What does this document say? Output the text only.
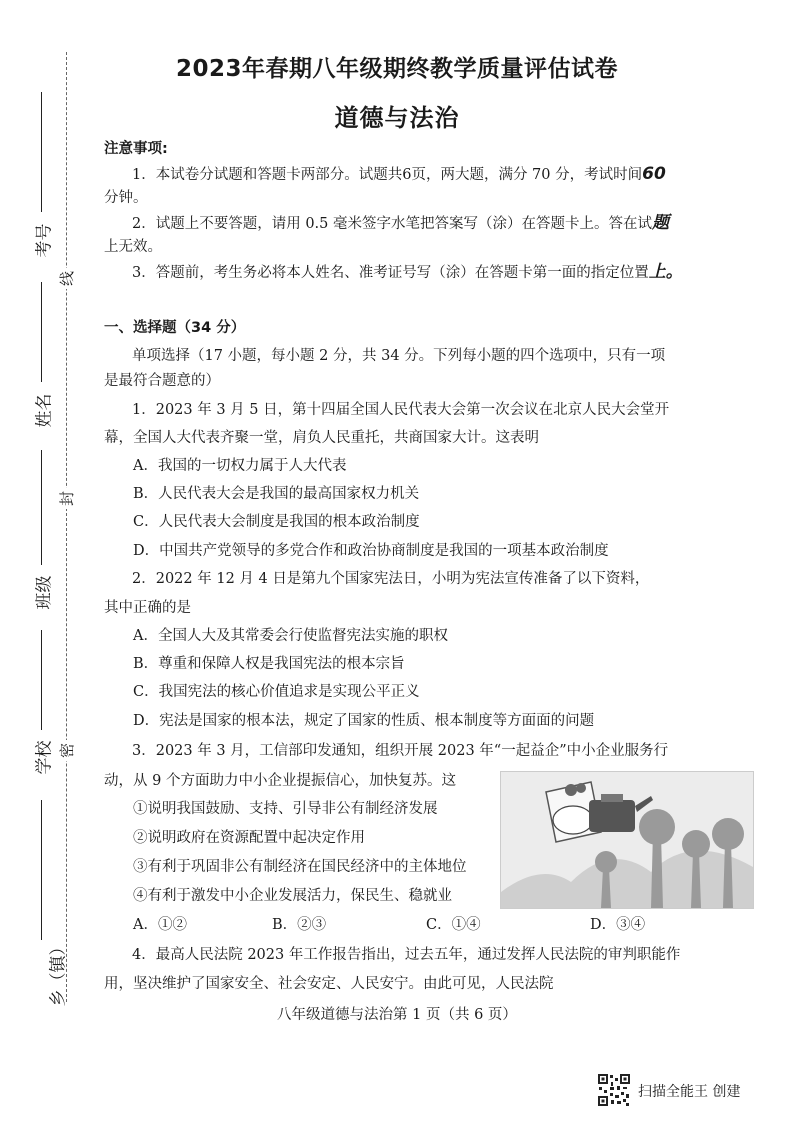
考号
姓名
班级
学校
乡（镇）
线
封
密
2023年春期八年级期终教学质量评估试卷
道德与法治
注意事项:
1．本试卷分试题和答题卡两部分。试题共6页，两大题，满分 70 分，考试时间60
分钟。
2．试题上不要答题，请用 0.5 毫米签字水笔把答案写（涂）在答题卡上。答在试题
上无效。
3．答题前，考生务必将本人姓名、准考证号写（涂）在答题卡第一面的指定位置上。
一、选择题（34 分）
单项选择（17 小题，每小题 2 分，共 34 分。下列每小题的四个选项中，只有一项
是最符合题意的）
1．2023 年 3 月 5 日，第十四届全国人民代表大会第一次会议在北京人民大会堂开
幕，全国人大代表齐聚一堂，肩负人民重托，共商国家大计。这表明
A．我国的一切权力属于人大代表
B．人民代表大会是我国的最高国家权力机关
C．人民代表大会制度是我国的根本政治制度
D．中国共产党领导的多党合作和政治协商制度是我国的一项基本政治制度
2．2022 年 12 月 4 日是第九个国家宪法日，小明为宪法宣传准备了以下资料，
其中正确的是
A．全国人大及其常委会行使监督宪法实施的职权
B．尊重和保障人权是我国宪法的根本宗旨
C．我国宪法的核心价值追求是实现公平正义
D．宪法是国家的根本法，规定了国家的性质、根本制度等方面面的问题
3．2023 年 3 月，工信部印发通知，组织开展 2023 年“一起益企”中小企业服务行
动，从 9 个方面助力中小企业提振信心，加快复苏。这
①说明我国鼓励、支持、引导非公有制经济发展
②说明政府在资源配置中起决定作用
③有利于巩固非公有制经济在国民经济中的主体地位
④有利于激发中小企业发展活力，保民生、稳就业
A．①②	B．②③	C．①④	D．③④
4．最高人民法院 2023 年工作报告指出，过去五年，通过发挥人民法院的审判职能作
用，坚决维护了国家安全、社会安定、人民安宁。由此可见，人民法院
八年级道德与法治第 1 页（共 6 页）
扫描全能王 创建
